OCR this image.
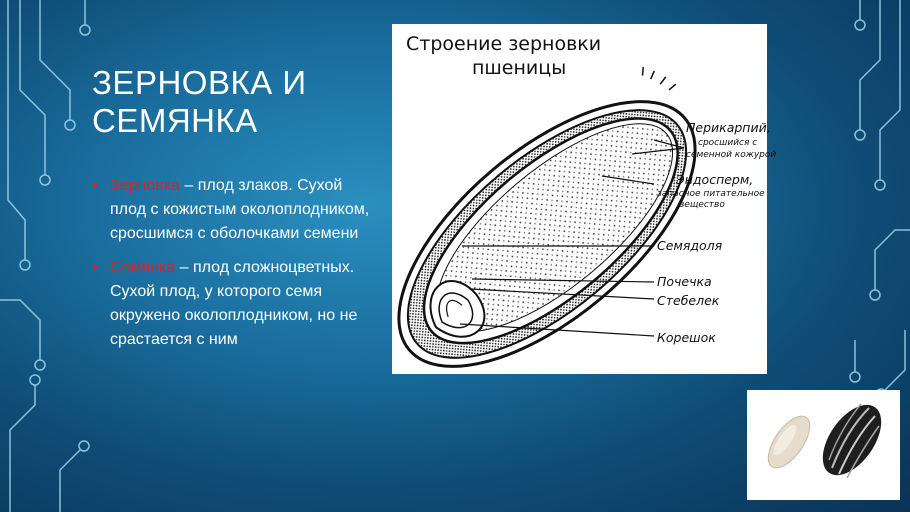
ЗЕРНОВКА И СЕМЯНКА
• Зерновка – плод злаков. Сухой плод с кожистым околоплодником, сросшимся с оболочками семени
• Семянка – плод сложноцветных. Сухой плод, у которого семя окружено околоплодником, но не срастается с ним
Строение зерновки
пшеницы
Перикарпий,
сросшийся с
семенной кожурой
Эндосперм,
запасное питательное
вещество
Семядоля
Почечка
Стебелек
Корешок
